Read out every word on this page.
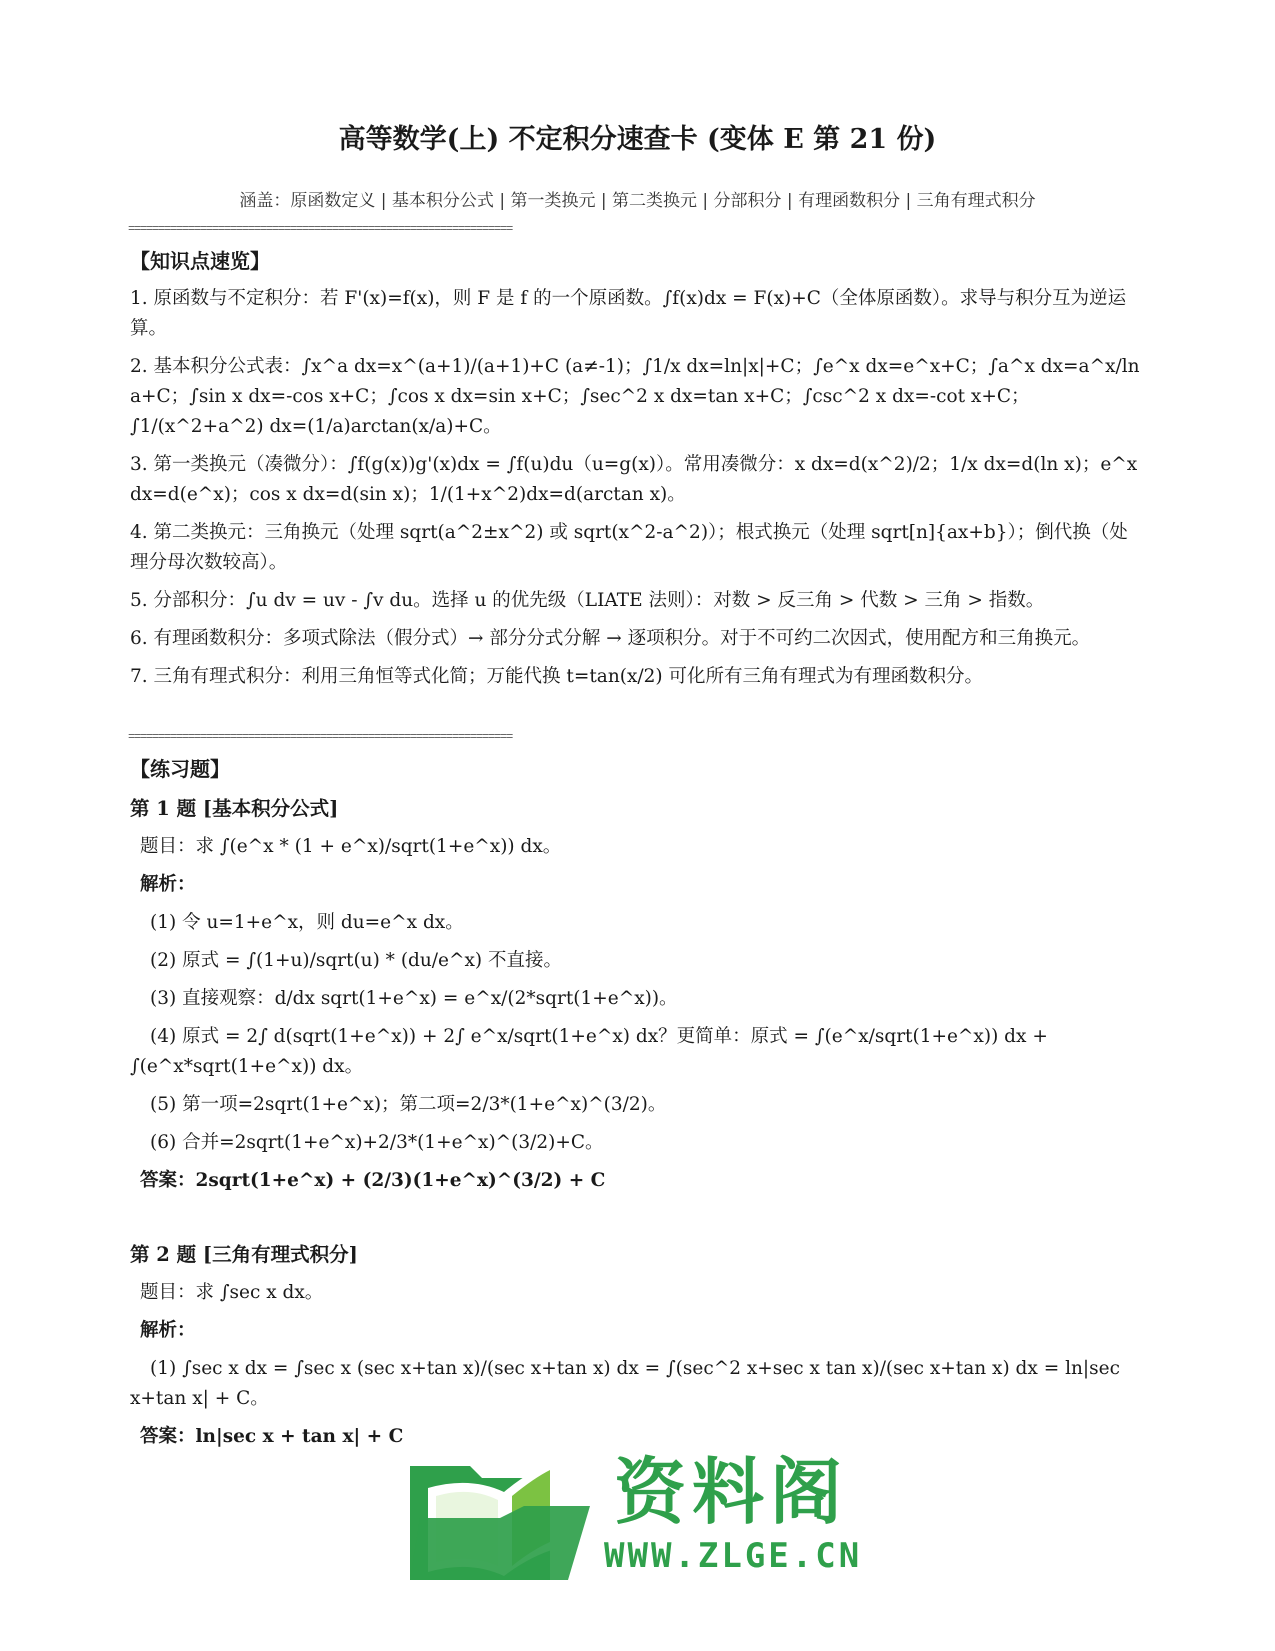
高等数学(上) 不定积分速查卡 (变体 E 第 21 份)
涵盖：原函数定义 | 基本积分公式 | 第一类换元 | 第二类换元 | 分部积分 | 有理函数积分 | 三角有理式积分
================================================================

【知识点速览】

1. 原函数与不定积分：若 F'(x)=f(x)，则 F 是 f 的一个原函数。∫f(x)dx = F(x)+C（全体原函数）。求导与积分互为逆运算。

2. 基本积分公式表：∫x^a dx=x^(a+1)/(a+1)+C (a≠-1)；∫1/x dx=ln|x|+C；∫e^x dx=e^x+C；∫a^x dx=a^x/ln a+C；∫sin x dx=-cos x+C；∫cos x dx=sin x+C；∫sec^2 x dx=tan x+C；∫csc^2 x dx=-cot x+C；∫1/(x^2+a^2) dx=(1/a)arctan(x/a)+C。

3. 第一类换元（凑微分）：∫f(g(x))g'(x)dx = ∫f(u)du（u=g(x)）。常用凑微分：x dx=d(x^2)/2；1/x dx=d(ln x)；e^x dx=d(e^x)；cos x dx=d(sin x)；1/(1+x^2)dx=d(arctan x)。

4. 第二类换元：三角换元（处理 sqrt(a^2±x^2) 或 sqrt(x^2-a^2)）；根式换元（处理 sqrt[n]{ax+b}）；倒代换（处理分母次数较高）。

5. 分部积分：∫u dv = uv - ∫v du。选择 u 的优先级（LIATE 法则）：对数 > 反三角 > 代数 > 三角 > 指数。

6. 有理函数积分：多项式除法（假分式）→ 部分分式分解 → 逐项积分。对于不可约二次因式，使用配方和三角换元。

7. 三角有理式积分：利用三角恒等式化简；万能代换 t=tan(x/2) 可化所有三角有理式为有理函数积分。

================================================================

【练习题】

第 1 题 [基本积分公式]

题目：求 ∫(e^x * (1 + e^x)/sqrt(1+e^x)) dx。

解析：

(1) 令 u=1+e^x，则 du=e^x dx。

(2) 原式 = ∫(1+u)/sqrt(u) * (du/e^x) 不直接。

(3) 直接观察：d/dx sqrt(1+e^x) = e^x/(2*sqrt(1+e^x))。

(4) 原式 = 2∫ d(sqrt(1+e^x)) + 2∫ e^x/sqrt(1+e^x) dx？更简单：原式 = ∫(e^x/sqrt(1+e^x)) dx + ∫(e^x*sqrt(1+e^x)) dx。

(5) 第一项=2sqrt(1+e^x)；第二项=2/3*(1+e^x)^(3/2)。

(6) 合并=2sqrt(1+e^x)+2/3*(1+e^x)^(3/2)+C。

答案：2sqrt(1+e^x) + (2/3)(1+e^x)^(3/2) + C

第 2 题 [三角有理式积分]

题目：求 ∫sec x dx。

解析：

(1) ∫sec x dx = ∫sec x (sec x+tan x)/(sec x+tan x) dx = ∫(sec^2 x+sec x tan x)/(sec x+tan x) dx = ln|sec x+tan x| + C。

答案：ln|sec x + tan x| + C

资料阁
WWW.ZLGE.CN
